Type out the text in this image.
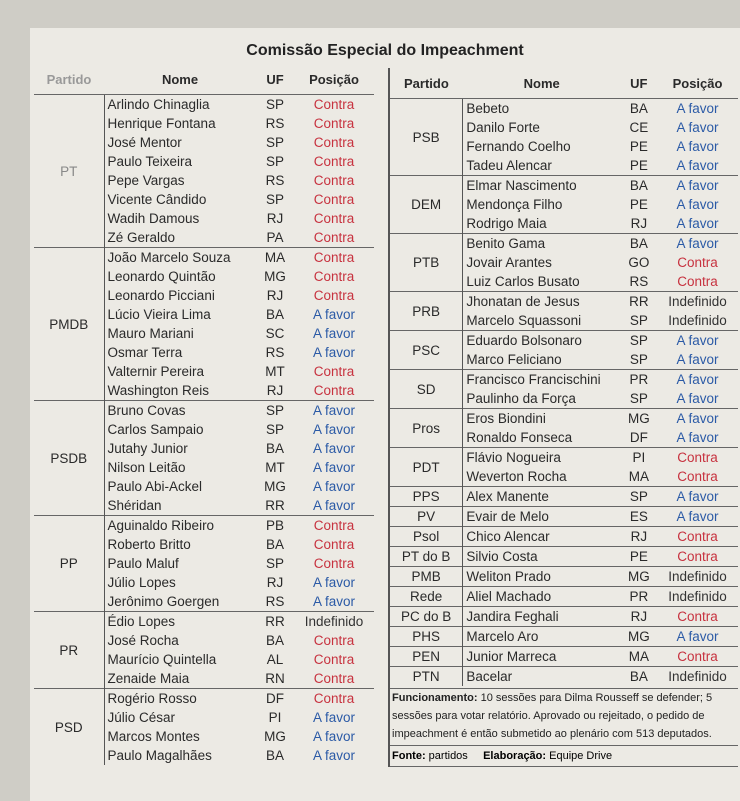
Comissão Especial do Impeachment
Partido	Nome	UF	Posição
PT	Arlindo Chinaglia	SP	Contra
	Henrique Fontana	RS	Contra
	José Mentor	SP	Contra
	Paulo Teixeira	SP	Contra
	Pepe Vargas	RS	Contra
	Vicente Cândido	SP	Contra
	Wadih Damous	RJ	Contra
	Zé Geraldo	PA	Contra
PMDB	João Marcelo Souza	MA	Contra
	Leonardo Quintão	MG	Contra
	Leonardo Picciani	RJ	Contra
	Lúcio Vieira Lima	BA	A favor
	Mauro Mariani	SC	A favor
	Osmar Terra	RS	A favor
	Valternir Pereira	MT	Contra
	Washington Reis	RJ	Contra
PSDB	Bruno Covas	SP	A favor
	Carlos Sampaio	SP	A favor
	Jutahy Junior	BA	A favor
	Nilson Leitão	MT	A favor
	Paulo Abi-Ackel	MG	A favor
	Shéridan	RR	A favor
PP	Aguinaldo Ribeiro	PB	Contra
	Roberto Britto	BA	Contra
	Paulo Maluf	SP	Contra
	Júlio Lopes	RJ	A favor
	Jerônimo Goergen	RS	A favor
PR	Édio Lopes	RR	Indefinido
	José Rocha	BA	Contra
	Maurício Quintella	AL	Contra
	Zenaide Maia	RN	Contra
PSD	Rogério Rosso	DF	Contra
	Júlio César	PI	A favor
	Marcos Montes	MG	A favor
	Paulo Magalhães	BA	A favor
Partido	Nome	UF	Posição
PSB	Bebeto	BA	A favor
	Danilo Forte	CE	A favor
	Fernando Coelho	PE	A favor
	Tadeu Alencar	PE	A favor
DEM	Elmar Nascimento	BA	A favor
	Mendonça Filho	PE	A favor
	Rodrigo Maia	RJ	A favor
PTB	Benito Gama	BA	A favor
	Jovair Arantes	GO	Contra
	Luiz Carlos Busato	RS	Contra
PRB	Jhonatan de Jesus	RR	Indefinido
	Marcelo Squassoni	SP	Indefinido
PSC	Eduardo Bolsonaro	SP	A favor
	Marco Feliciano	SP	A favor
SD	Francisco Francischini	PR	A favor
	Paulinho da Força	SP	A favor
Pros	Eros Biondini	MG	A favor
	Ronaldo Fonseca	DF	A favor
PDT	Flávio Nogueira	PI	Contra
	Weverton Rocha	MA	Contra
PPS	Alex Manente	SP	A favor
PV	Evair de Melo	ES	A favor
Psol	Chico Alencar	RJ	Contra
PT do B	Silvio Costa	PE	Contra
PMB	Weliton Prado	MG	Indefinido
Rede	Aliel Machado	PR	Indefinido
PC do B	Jandira Feghali	RJ	Contra
PHS	Marcelo Aro	MG	A favor
PEN	Junior Marreca	MA	Contra
PTN	Bacelar	BA	Indefinido
Funcionamento: 10 sessões para Dilma Rousseff se defender; 5 sessões para votar relatório. Aprovado ou rejeitado, o pedido de impeachment é então submetido ao plenário com 513 deputados.
Fonte: partidos Elaboração: Equipe Drive
